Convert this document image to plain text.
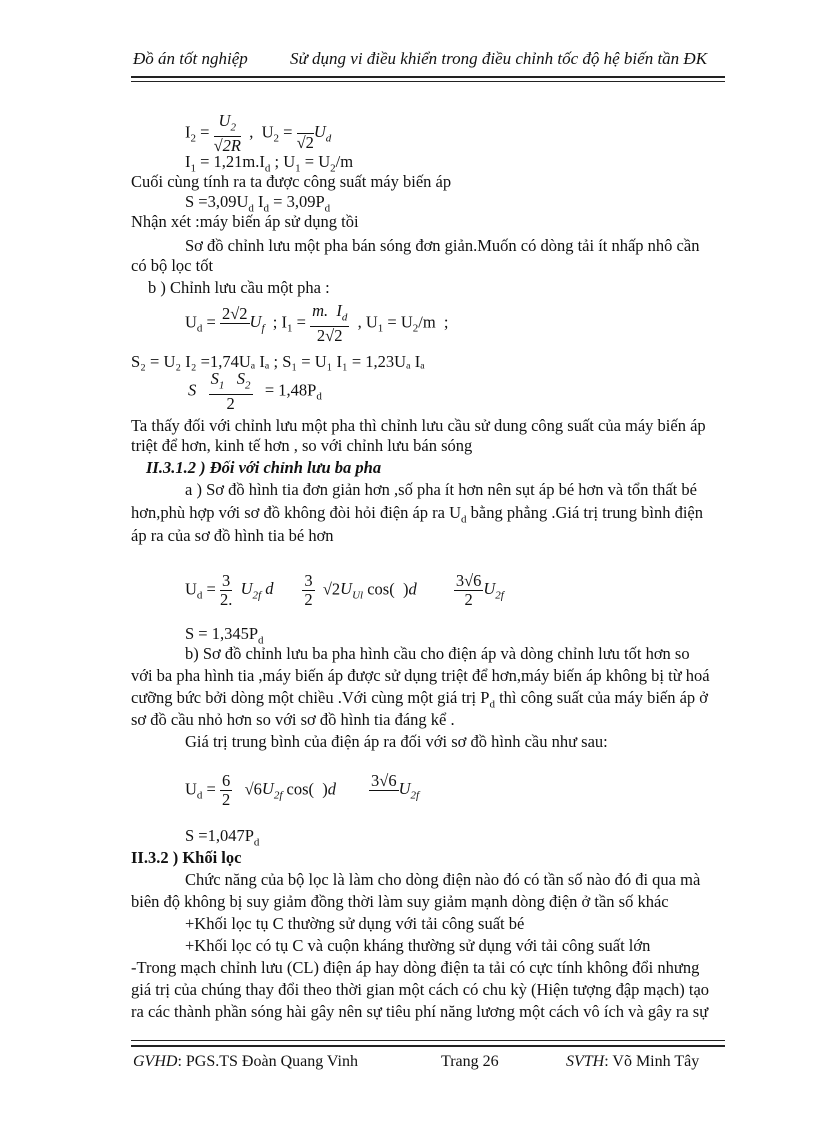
Đồ án tốt nghiệp Sử dụng vi điều khiển trong điều chỉnh tốc độ hệ biến tần ĐK
$I_2 = \frac{U_2}{√2R}$ ,  $U_2$ =

√2
$U_d$
$I_1 = 1,21m.I_d$ ; $U_1 = U_2/m$
Cuối cùng tính ra ta được công suất máy biến áp
$S =3,09U_d$ $I_d = 3,09P_d$
Nhận xét :máy biến áp sử dụng tồi
Sơ đồ chỉnh lưu một pha bán sóng đơn giản.Muốn có dòng tải ít nhấp nhô cần
có bộ lọc tốt
b ) Chỉnh lưu cầu một pha :
$U_d = 2√2$
$U_f$  ; $I_1 = \frac{m. I_d}{2√2}$ , $U_1 = U_2/m$  ;
S₂ = U₂ I₂ =1,74Uₐ Iₐ ; S₁ = U₁ I₁ = 1,23Uₐ Iₐ
S $\frac{S_1 S_2}{2} = 1,48P_d$
Ta thấy đối với chỉnh lưu một pha thì chỉnh lưu cầu sử dung công suất của máy biến áp
triệt để hơn, kinh tế hơn , so với chỉnh lưu bán sóng
II.3.1.2 ) Đối với chỉnh lưu ba pha
a ) Sơ đồ hình tia đơn giản hơn ,số pha ít hơn nên sụt áp bé hơn và tổn thất bé
hơn,phù hợp với sơ đồ không đòi hỏi điện áp ra $U_d$ bằng phẳng .Giá trị trung bình điện
áp ra của sơ đồ hình tia bé hơn
$U_d = \frac{3}{2.} U_{2f}$ d $\frac{3}{2} √2U_{Ul}$ cos(  )$d \frac{3√6}{2} U_{2f}$
$S = 1,345P_d$
b) Sơ đồ chỉnh lưu ba pha hình cầu cho điện áp và dòng chỉnh lưu tốt hơn so
với ba pha hình tia ,máy biến áp được sử dụng triệt để hơn,máy biến áp không bị từ hoá
cưỡng bức bởi dòng một chiều .Với cùng một giá trị $P_d$ thì công suất của máy biến áp ở
sơ đồ cầu nhỏ hơn so với sơ đồ hình tia đáng kể .
Giá trị trung bình của điện áp ra đối với sơ đồ hình cầu như sau:
$U_d = \frac{6}{2} √6U_{2f}$ cos(  )d 3√6
$U_{2f}$
$S =1,047P_d$
II.3.2 ) Khối lọc
Chức năng của bộ lọc là làm cho dòng điện nào đó có tần số nào đó đi qua mà
biên độ không bị suy giảm đồng thời làm suy giảm mạnh dòng điện ở tần số khác
+Khối lọc tụ C thường sử dụng với tải công suất bé
+Khối lọc có tụ C và cuộn kháng thường sử dụng với tải công suất lớn
-Trong mạch chỉnh lưu (CL) điện áp hay dòng điện ta tải có cực tính không đổi nhưng
giá trị của chúng thay đổi theo thời gian một cách có chu kỳ (Hiện tượng đập mạch) tạo
ra các thành phần sóng hài gây nên sự tiêu phí năng lương một cách vô ích và gây ra sự
GVHD: PGS.TS Đoàn Quang Vinh	Trang 26	SVTH: Võ Minh Tây
